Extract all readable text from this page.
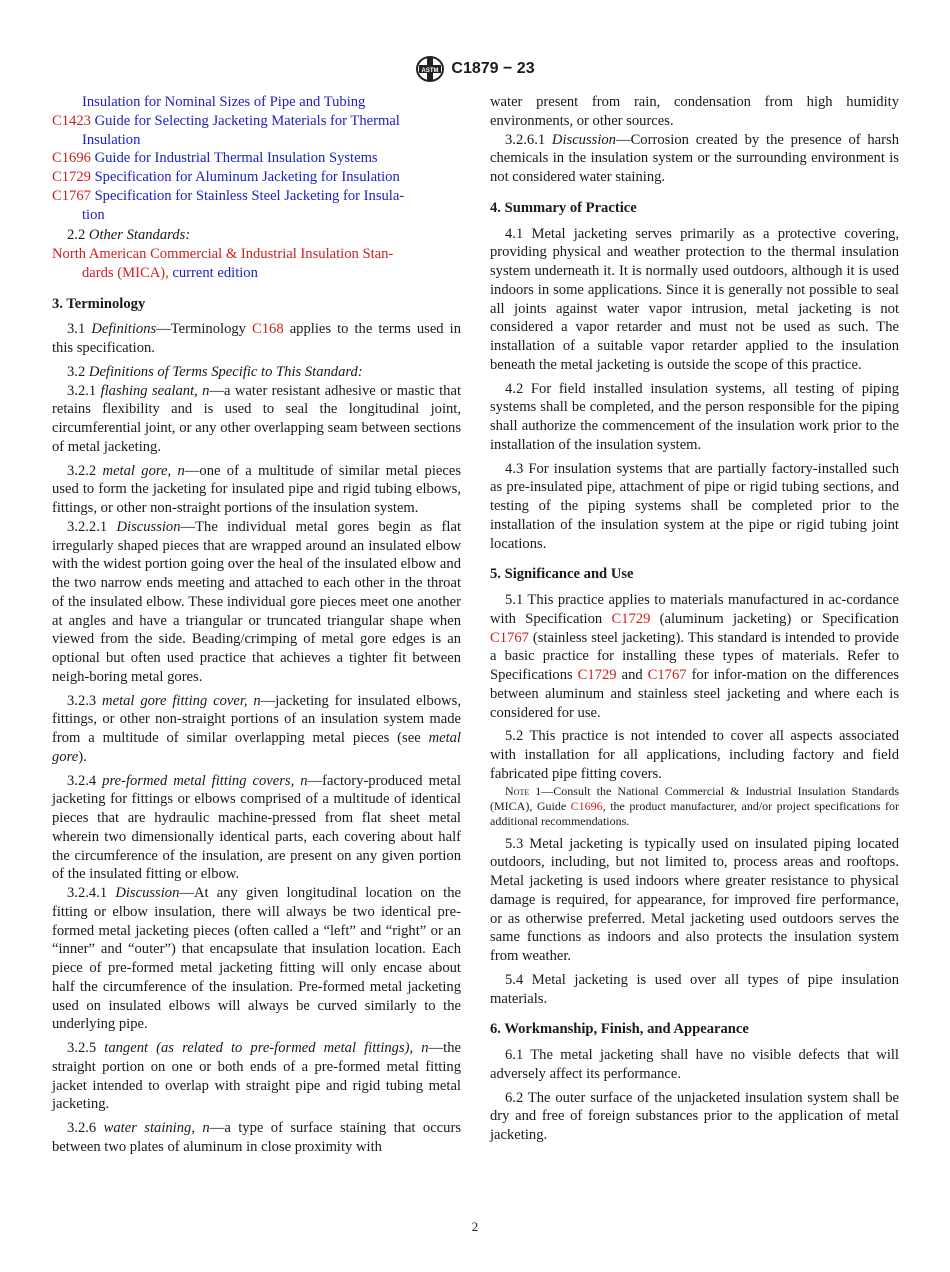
ASTM C1879 − 23
Insulation for Nominal Sizes of Pipe and Tubing
C1423 Guide for Selecting Jacketing Materials for Thermal
Insulation
C1696 Guide for Industrial Thermal Insulation Systems
C1729 Specification for Aluminum Jacketing for Insulation
C1767 Specification for Stainless Steel Jacketing for Insula-
tion
2.2 Other Standards:
North American Commercial & Industrial Insulation Stan-
dards (MICA), current edition
3. Terminology

3.1 Definitions—Terminology C168 applies to the terms used in this specification.

3.2 Definitions of Terms Specific to This Standard:

3.2.1 flashing sealant, n—a water resistant adhesive or mastic that retains flexibility and is used to seal the longitudinal joint, circumferential joint, or any other overlapping seam between sections of metal jacketing.

3.2.2 metal gore, n—one of a multitude of similar metal pieces used to form the jacketing for insulated pipe and rigid tubing elbows, fittings, or other non-straight portions of the insulation system.

3.2.2.1 Discussion—The individual metal gores begin as flat irregularly shaped pieces that are wrapped around an insulated elbow with the widest portion going over the heal of the insulated elbow and the two narrow ends meeting and attached to each other in the throat of the insulated elbow. These individual gore pieces meet one another at angles and have a triangular or truncated triangular shape when viewed from the side. Beading/crimping of metal gore edges is an optional but often used practice that achieves a tighter fit between neigh-boring metal gores.

3.2.3 metal gore fitting cover, n—jacketing for insulated elbows, fittings, or other non-straight portions of an insulation system made from a multitude of similar overlapping metal pieces (see metal gore).

3.2.4 pre-formed metal fitting covers, n—factory-produced metal jacketing for fittings or elbows comprised of a multitude of identical pieces that are hydraulic machine-pressed from flat sheet metal wherein two dimensionally identical parts, each covering about half the circumference of the insulation, are present on any given portion of the insulated fitting or elbow.

3.2.4.1 Discussion—At any given longitudinal location on the fitting or elbow insulation, there will always be two identical pre-formed metal jacketing pieces (often called a “left” and “right” or an “inner” and “outer”) that encapsulate that insulation location. Each piece of pre-formed metal jacketing fitting will only encase about half the circumference of the insulation. Pre-formed metal jacketing used on insulated elbows will always be curved similarly to the underlying pipe.

3.2.5 tangent (as related to pre-formed metal fittings), n—the straight portion on one or both ends of a pre-formed metal fitting jacket intended to overlap with straight pipe and rigid tubing metal jacketing.

3.2.6 water staining, n—a type of surface staining that occurs between two plates of aluminum in close proximity with

water present from rain, condensation from high humidity environments, or other sources.

3.2.6.1 Discussion—Corrosion created by the presence of harsh chemicals in the insulation system or the surrounding environment is not considered water staining.

4. Summary of Practice

4.1 Metal jacketing serves primarily as a protective covering, providing physical and weather protection to the thermal insulation system underneath it. It is normally used outdoors, although it is used indoors in some applications. Since it is generally not possible to seal all joints against water vapor intrusion, metal jacketing is not considered a vapor retarder and must not be used as such. The installation of a suitable vapor retarder applied to the insulation beneath the metal jacketing is outside the scope of this practice.

4.2 For field installed insulation systems, all testing of piping systems shall be completed, and the person responsible for the piping shall authorize the commencement of the insulation work prior to the installation of the insulation system.

4.3 For insulation systems that are partially factory-installed such as pre-insulated pipe, attachment of pipe or rigid tubing sections, and testing of the piping systems shall be completed prior to the installation of the insulation system at the pipe or rigid tubing joint locations.

5. Significance and Use

5.1 This practice applies to materials manufactured in ac-cordance with Specification C1729 (aluminum jacketing) or Specification C1767 (stainless steel jacketing). This standard is intended to provide a basic practice for installing these types of materials. Refer to Specifications C1729 and C1767 for infor-mation on the differences between aluminum and stainless steel jacketing and where each is considered for use.

5.2 This practice is not intended to cover all aspects associated with installation for all applications, including factory and field fabricated pipe fitting covers.

Note 1—Consult the National Commercial & Industrial Insulation Standards (MICA), Guide C1696, the product manufacturer, and/or project specifications for additional recommendations.

5.3 Metal jacketing is typically used on insulated piping located outdoors, including, but not limited to, process areas and rooftops. Metal jacketing is used indoors where greater resistance to physical damage is required, for appearance, for improved fire performance, or as otherwise preferred. Metal jacketing used outdoors serves the same functions as indoors and also protects the insulation system from weather.

5.4 Metal jacketing is used over all types of pipe insulation materials.

6. Workmanship, Finish, and Appearance

6.1 The metal jacketing shall have no visible defects that will adversely affect its performance.

6.2 The outer surface of the unjacketed insulation system shall be dry and free of foreign substances prior to the application of metal jacketing.

2
